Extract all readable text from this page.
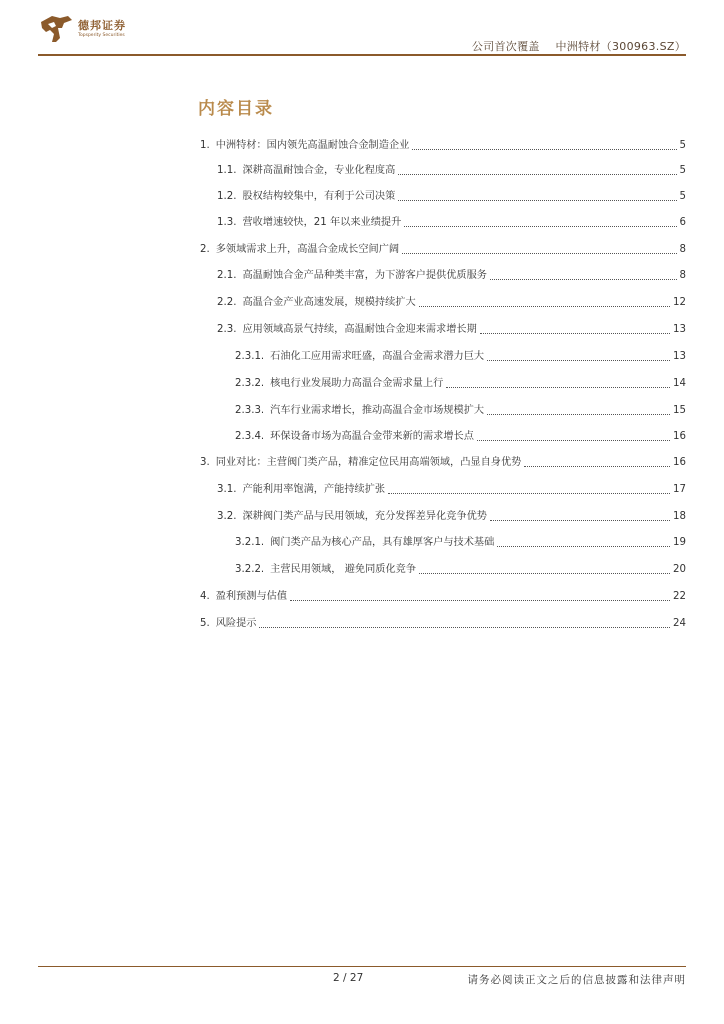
德邦证券
Topsperity Securities
公司首次覆盖 中洲特材（300963.SZ）
内容目录
1. 中洲特材：国内领先高温耐蚀合金制造企业	5
1.1. 深耕高温耐蚀合金，专业化程度高	5
1.2. 股权结构较集中，有利于公司决策	5
1.3. 营收增速较快，21 年以来业绩提升	6
2. 多领域需求上升，高温合金成长空间广阔	8
2.1. 高温耐蚀合金产品种类丰富，为下游客户提供优质服务	8
2.2. 高温合金产业高速发展，规模持续扩大	12
2.3. 应用领域高景气持续，高温耐蚀合金迎来需求增长期	13
2.3.1. 石油化工应用需求旺盛，高温合金需求潜力巨大	13
2.3.2. 核电行业发展助力高温合金需求量上行	14
2.3.3. 汽车行业需求增长，推动高温合金市场规模扩大	15
2.3.4. 环保设备市场为高温合金带来新的需求增长点	16
3. 同业对比：主营阀门类产品，精准定位民用高端领域，凸显自身优势	16
3.1. 产能利用率饱满，产能持续扩张	17
3.2. 深耕阀门类产品与民用领域，充分发挥差异化竞争优势	18
3.2.1. 阀门类产品为核心产品，具有雄厚客户与技术基础	19
3.2.2. 主营民用领域， 避免同质化竞争	20
4. 盈利预测与估值	22
5. 风险提示	24
2 / 27	请务必阅读正文之后的信息披露和法律声明
